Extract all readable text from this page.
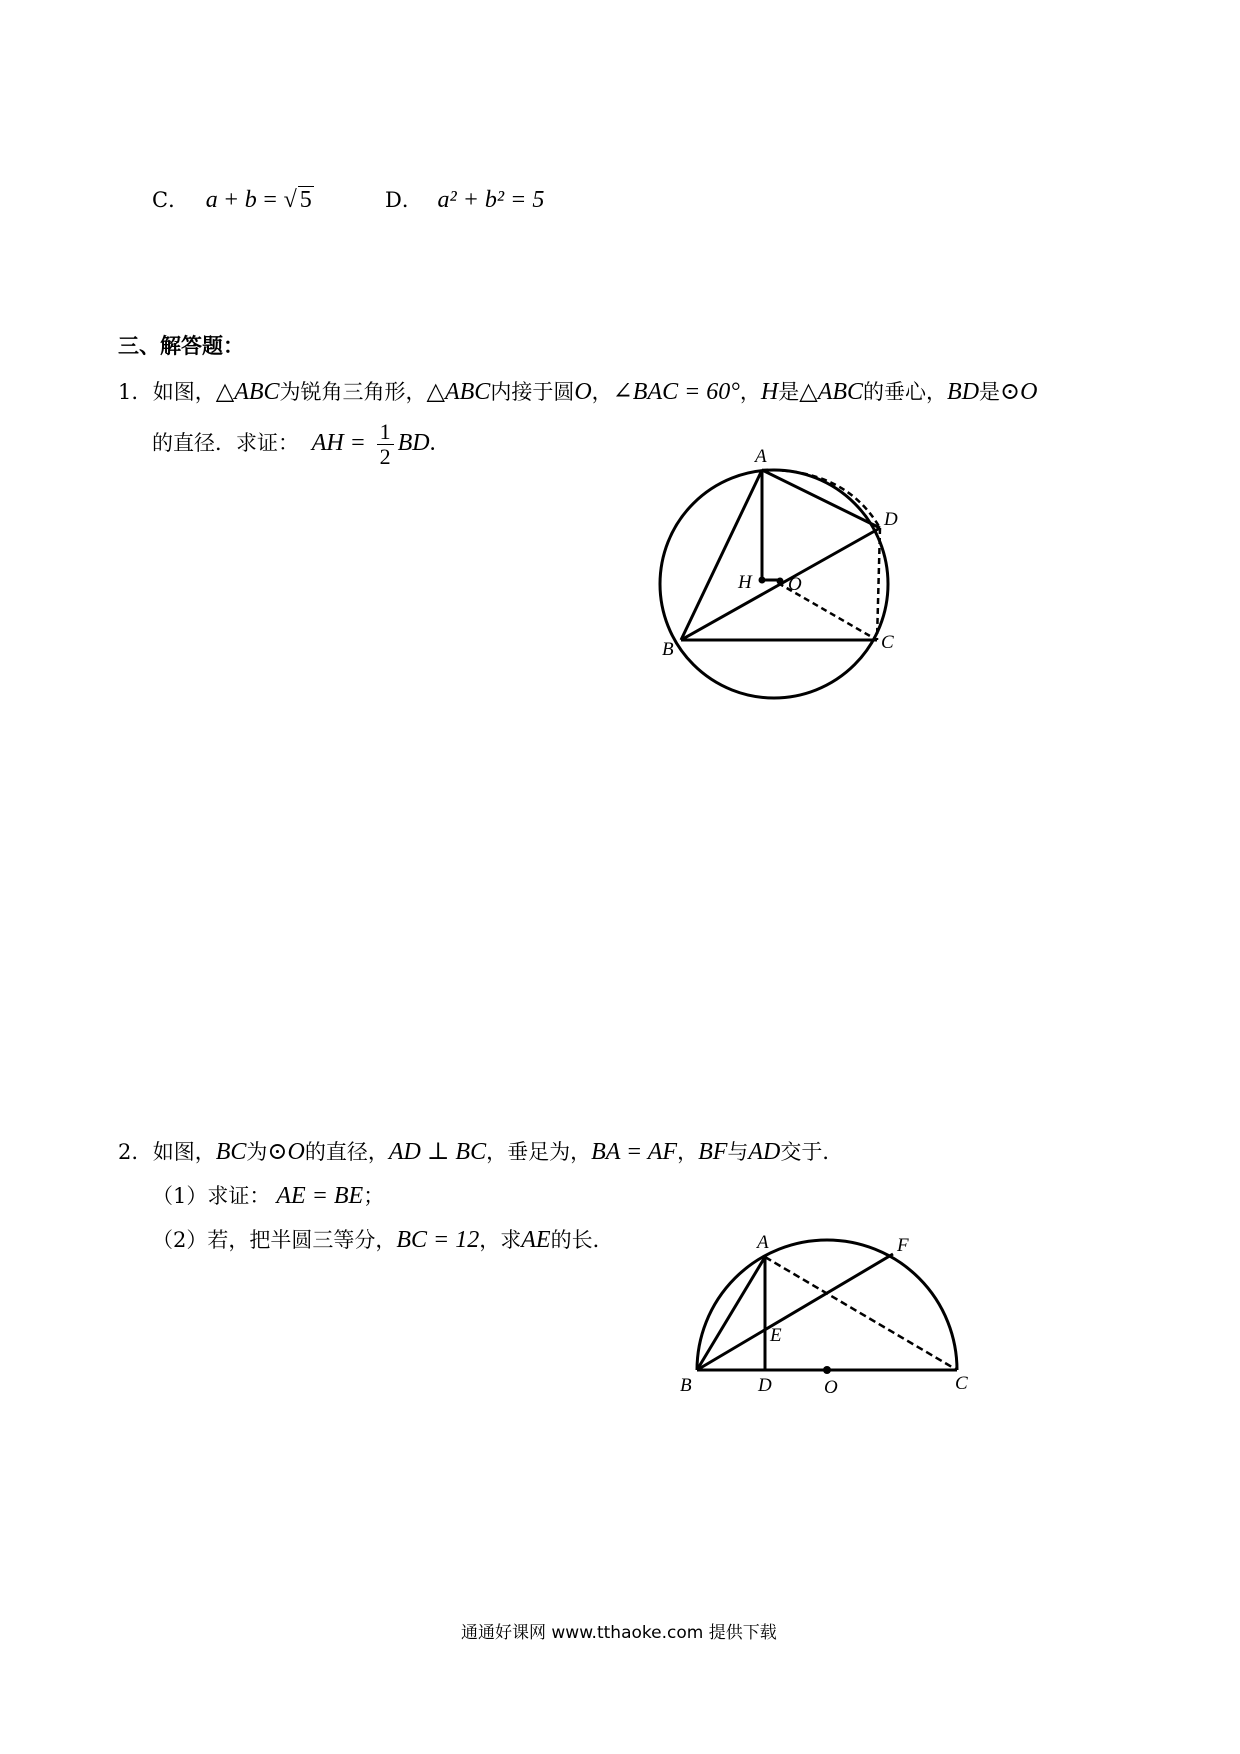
C． a + b = √ 5	D． a² + b² = 5
三、解答题：
1. 如图，△ABC为锐角三角形，△ABC内接于圆O，∠BAC = 60°，H是△ABC的垂心，BD是⊙O
的直径．求证： AH = $\frac{1}{2}$ BD.
A
B	C
D
H O
2. 如图，BC为⊙O的直径，AD ⊥ BC，垂足为，BA = AF，BF与AD交于．
（1）求证： AE = BE；
（2）若，把半圆三等分，BC = 12，求AE的长．	A	F
E
B	D	O	C
通通好课网 www.tthaoke.com 提供下载
